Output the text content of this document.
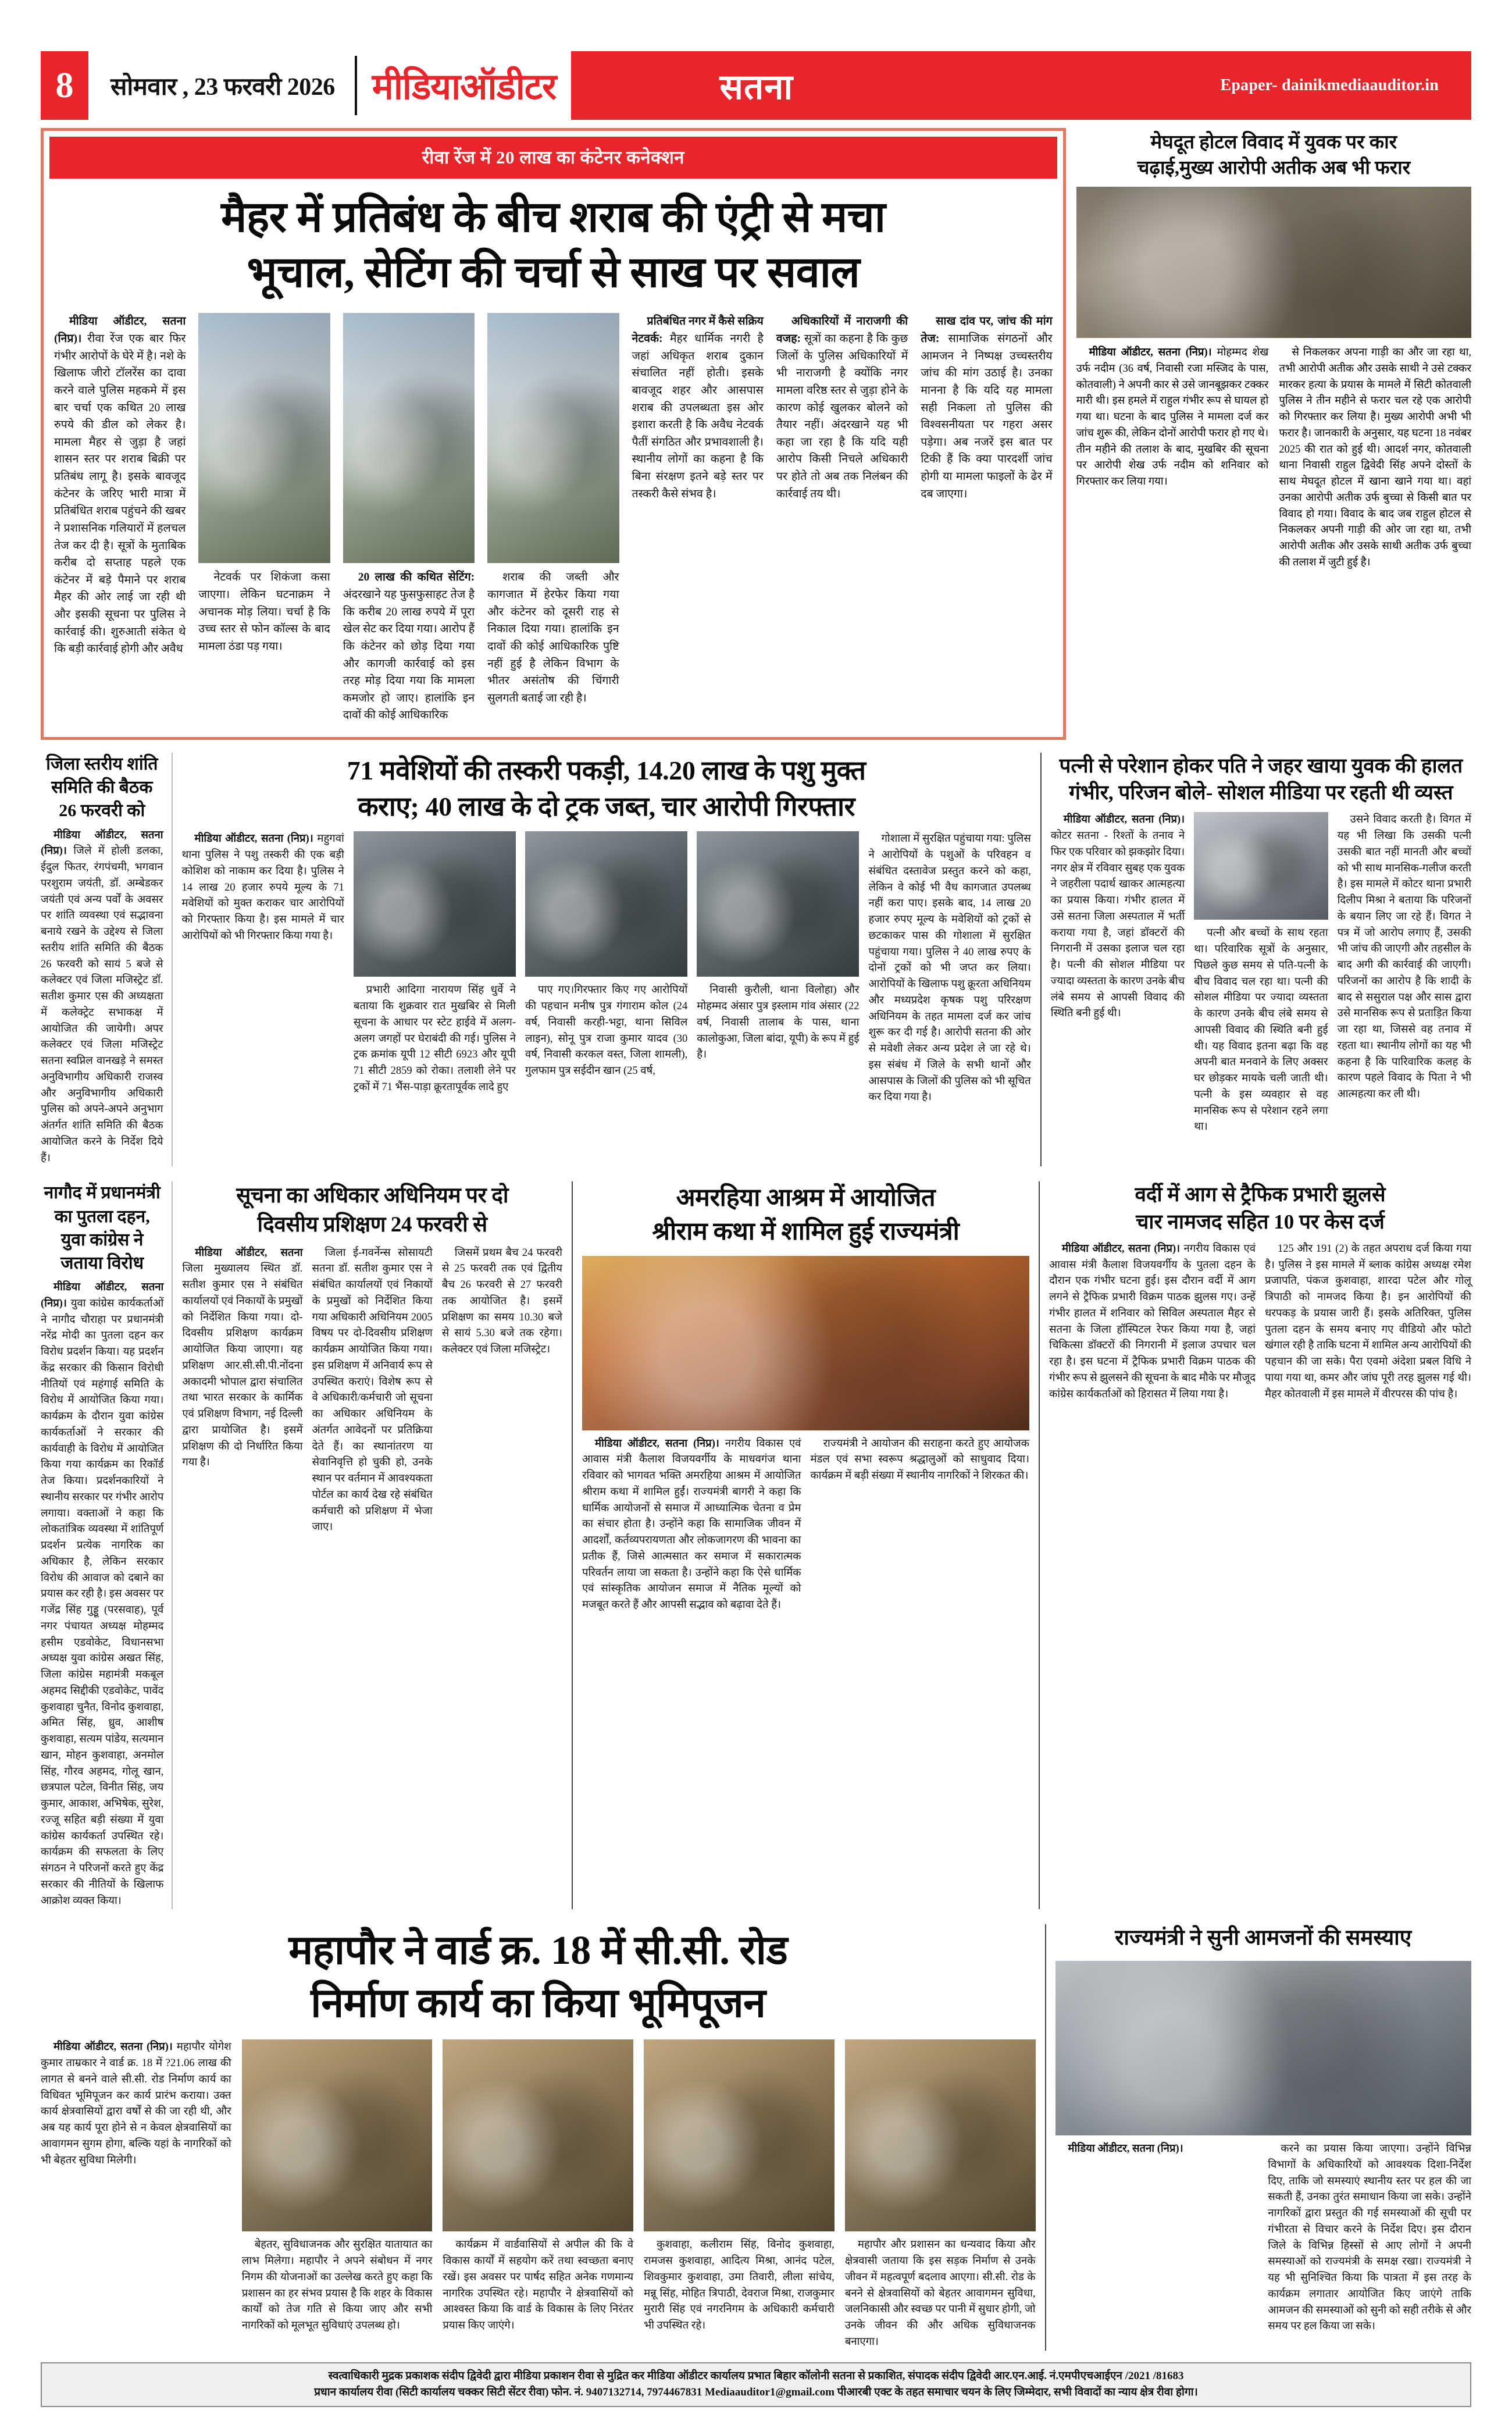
8	सोमवार , 23 फरवरी 2026	मीडियाऑडीटर	सतना	Epaper- dainikmediaauditor.in
रीवा रेंज में 20 लाख का कंटेनर कनेक्शन
मैहर में प्रतिबंध के बीच शराब की एंट्री से मचा
भूचाल, सेटिंग की चर्चा से साख पर सवाल

मीडिया ऑडीटर, सतना (निप्र)। रीवा रेंज एक बार फिर गंभीर आरोपों के घेरे में है। नशे के खिलाफ जीरो टॉलरेंस का दावा करने वाले पुलिस महकमे में इस बार चर्चा एक कथित 20 लाख रुपये की डील को लेकर है। मामला मैहर से जुड़ा है जहां शासन स्तर पर शराब बिक्री पर प्रतिबंध लागू है। इसके बावजूद कंटेनर के जरिए भारी मात्रा में प्रतिबंधित शराब पहुंचने की खबर ने प्रशासनिक गलियारों में हलचल तेज कर दी है। सूत्रों के मुताबिक करीब दो सप्ताह पहले एक कंटेनर में बड़े पैमाने पर शराब मैहर की ओर लाई जा रही थी और इसकी सूचना पर पुलिस ने कार्रवाई की। शुरुआती संकेत थे कि बड़ी कार्रवाई होगी और अवैध

नेटवर्क पर शिकंजा कसा जाएगा। लेकिन घटनाक्रम ने अचानक मोड़ लिया। चर्चा है कि उच्च स्तर से फोन कॉल्स के बाद मामला ठंडा पड़ गया।

20 लाख की कथित सेटिंग: अंदरखाने यह फुसफुसाहट तेज है कि करीब 20 लाख रुपये में पूरा खेल सेट कर दिया गया। आरोप हैं कि कंटेनर को छोड़ दिया गया और कागजी कार्रवाई को इस तरह मोड़ दिया गया कि मामला कमजोर हो जाए। हालांकि इन दावों की कोई आधिकारिक

शराब की जब्ती और कागजात में हेरफेर किया गया और कंटेनर को दूसरी राह से निकाल दिया गया। हालांकि इन दावों की कोई आधिकारिक पुष्टि नहीं हुई है लेकिन विभाग के भीतर असंतोष की चिंगारी सुलगती बताई जा रही है।

प्रतिबंधित नगर में कैसे सक्रिय नेटवर्क: मैहर धार्मिक नगरी है जहां अधिकृत शराब दुकान संचालित नहीं होती। इसके बावजूद शहर और आसपास शराब की उपलब्धता इस ओर इशारा करती है कि अवैध नेटवर्क पैतीं संगठित और प्रभावशाली है। स्थानीय लोगों का कहना है कि बिना संरक्षण इतने बड़े स्तर पर तस्करी कैसे संभव है।

अधिकारियों में नाराजगी की वजह: सूत्रों का कहना है कि कुछ जिलों के पुलिस अधिकारियों में भी नाराजगी है क्योंकि नगर मामला वरिष्ठ स्तर से जुड़ा होने के कारण कोई खुलकर बोलने को तैयार नहीं। अंदरखाने यह भी कहा जा रहा है कि यदि यही आरोप किसी निचले अधिकारी पर होते तो अब तक निलंबन की कार्रवाई तय थी।

साख दांव पर, जांच की मांग तेज: सामाजिक संगठनों और आमजन ने निष्पक्ष उच्चस्तरीय जांच की मांग उठाई है। उनका मानना है कि यदि यह मामला सही निकला तो पुलिस की विश्वसनीयता पर गहरा असर पड़ेगा। अब नजरें इस बात पर टिकी हैं कि क्या पारदर्शी जांच होगी या मामला फाइलों के ढेर में दब जाएगा।

मेघदूत होटल विवाद में युवक पर कार
चढ़ाई,मुख्य आरोपी अतीक अब भी फरार

मीडिया ऑडीटर, सतना (निप्र)। मोहम्मद शेख उर्फ नदीम (36 वर्ष, निवासी रजा मस्जिद के पास, कोतवाली) ने अपनी कार से उसे जानबूझकर टक्कर मारी थी। इस हमले में राहुल गंभीर रूप से घायल हो गया था। घटना के बाद पुलिस ने मामला दर्ज कर जांच शुरू की, लेकिन दोनों आरोपी फरार हो गए थे। तीन महीने की तलाश के बाद, मुखबिर की सूचना पर आरोपी शेख उर्फ नदीम को शनिवार को गिरफ्तार कर लिया गया।

से निकलकर अपना गाड़ी का और जा रहा था, तभी आरोपी अतीक और उसके साथी ने उसे टक्कर मारकर हत्या के प्रयास के मामले में सिटी कोतवाली पुलिस ने तीन महीने से फरार चल रहे एक आरोपी को गिरफ्तार कर लिया है। मुख्य आरोपी अभी भी फरार है। जानकारी के अनुसार, यह घटना 18 नवंबर 2025 की रात को हुई थी। आदर्श नगर, कोतवाली थाना निवासी राहुल द्विवेदी सिंह अपने दोस्तों के साथ मेघदूत होटल में खाना खाने गया था। वहां उनका आरोपी अतीक उर्फ बुच्चा से किसी बात पर विवाद हो गया। विवाद के बाद जब राहुल होटल से निकलकर अपनी गाड़ी की ओर जा रहा था, तभी आरोपी अतीक और उसके साथी अतीक उर्फ बुच्चा की तलाश में जुटी हुई है।

जिला स्तरीय शांति समिति की बैठक 26 फरवरी को

मीडिया ऑडीटर, सतना (निप्र)। जिले में होली डलका, ईदुल फितर, रंगपंचमी, भगवान परशुराम जयंती, डॉ. अम्बेडकर जयंती एवं अन्य पर्वों के अवसर पर शांति व्यवस्था एवं सद्भावना बनाये रखने के उद्देश्य से जिला स्तरीय शांति समिति की बैठक 26 फरवरी को सायं 5 बजे से कलेक्टर एवं जिला मजिस्ट्रेट डॉ. सतीश कुमार एस की अध्यक्षता में कलेक्ट्रेट सभाकक्ष में आयोजित की जायेगी। अपर कलेक्टर एवं जिला मजिस्ट्रेट सतना स्वप्निल वानखड़े ने समस्त अनुविभागीय अधिकारी राजस्व और अनुविभागीय अधिकारी पुलिस को अपने-अपने अनुभाग अंतर्गत शांति समिति की बैठक आयोजित करने के निर्देश दिये हैं।

71 मवेशियों की तस्करी पकड़ी, 14.20 लाख के पशु मुक्त
कराए; 40 लाख के दो ट्रक जब्त, चार आरोपी गिरफ्तार

मीडिया ऑडीटर, सतना (निप्र)। महुगवां थाना पुलिस ने पशु तस्करी की एक बड़ी कोशिश को नाकाम कर दिया है। पुलिस ने 14 लाख 20 हजार रुपये मूल्य के 71 मवेशियों को मुक्त कराकर चार आरोपियों को गिरफ्तार किया है। इस मामले में चार आरोपियों को भी गिरफ्तार किया गया है।

प्रभारी आदिगा नारायण सिंह धुर्वे ने बताया कि शुक्रवार रात मुखबिर से मिली सूचना के आधार पर स्टेट हाईवे में अलग-अलग जगहों पर घेराबंदी की गई। पुलिस ने ट्रक क्रमांक यूपी 12 सीटी 6923 और यूपी 71 सीटी 2859 को रोका। तलाशी लेने पर ट्रकों में 71 भैंस-पाड़ा क्रूरतापूर्वक लादे हुए

पाए गए।गिरफ्तार किए गए आरोपियों की पहचान मनीष पुत्र गंगाराम कोल (24 वर्ष, निवासी करही-भट्टा, थाना सिविल लाइन), सोनू पुत्र राजा कुमार यादव (30 वर्ष, निवासी करकल वस्त, जिला शामली), गुलफाम पुत्र सईदीन खान (25 वर्ष,

निवासी कुरौली, थाना विलोहा) और मोहम्मद अंसार पुत्र इस्लाम गांव अंसार (22 वर्ष, निवासी तालाब के पास, थाना कालोकुआ, जिला बांदा, यूपी) के रूप में हुई है।

गोशाला में सुरक्षित पहुंचाया गया: पुलिस ने आरोपियों के पशुओं के परिवहन व संबंधित दस्तावेज प्रस्तुत करने को कहा, लेकिन वे कोई भी वैध कागजात उपलब्ध नहीं करा पाए। इसके बाद, 14 लाख 20 हजार रुपए मूल्य के मवेशियों को ट्रकों से छटकाकर पास की गोशाला में सुरक्षित पहुंचाया गया। पुलिस ने 40 लाख रुपए के दोनों ट्रकों को भी जप्त कर लिया। आरोपियों के खिलाफ पशु क्रूरता अधिनियम और मध्यप्रदेश कृषक पशु परिरक्षण अधिनियम के तहत मामला दर्ज कर जांच शुरू कर दी गई है। आरोपी सतना की ओर से मवेशी लेकर अन्य प्रदेश ले जा रहे थे। इस संबंध में जिले के सभी थानों और आसपास के जिलों की पुलिस को भी सूचित कर दिया गया है।

पत्नी से परेशान होकर पति ने जहर खाया युवक की हालत
गंभीर, परिजन बोले- सोशल मीडिया पर रहती थी व्यस्त

मीडिया ऑडीटर, सतना (निप्र)। कोटर सतना - रिश्तों के तनाव ने फिर एक परिवार को झकझोर दिया। नगर क्षेत्र में रविवार सुबह एक युवक ने जहरीला पदार्थ खाकर आत्महत्या का प्रयास किया। गंभीर हालत में उसे सतना जिला अस्पताल में भर्ती कराया गया है, जहां डॉक्टरों की निगरानी में उसका इलाज चल रहा है। पत्नी की सोशल मीडिया पर ज्यादा व्यस्तता के कारण उनके बीच लंबे समय से आपसी विवाद की स्थिति बनी हुई थी।

पत्नी और बच्चों के साथ रहता था। परिवारिक सूत्रों के अनुसार, पिछले कुछ समय से पति-पत्नी के बीच विवाद चल रहा था। पत्नी की सोशल मीडिया पर ज्यादा व्यस्तता के कारण उनके बीच लंबे समय से आपसी विवाद की स्थिति बनी हुई थी। यह विवाद इतना बढ़ा कि वह अपनी बात मनवाने के लिए अक्सर घर छोड़कर मायके चली जाती थी। पत्नी के इस व्यवहार से वह मानसिक रूप से परेशान रहने लगा था।

उसने विवाद करती है। विगत में यह भी लिखा कि उसकी पत्नी उसकी बात नहीं मानती और बच्चों को भी साथ मानसिक-गलीज करती है। इस मामले में कोटर थाना प्रभारी दिलीप मिश्रा ने बताया कि परिजनों के बयान लिए जा रहे हैं। विगत ने पत्र में जो आरोप लगाए हैं, उसकी भी जांच की जाएगी और तहसील के बाद अगी की कार्रवाई की जाएगी। परिजनों का आरोप है कि शादी के बाद से ससुराल पक्ष और सास द्वारा उसे मानसिक रूप से प्रताड़ित किया जा रहा था, जिससे वह तनाव में रहता था। स्थानीय लोगों का यह भी कहना है कि पारिवारिक कलह के कारण पहले विवाद के पिता ने भी आत्महत्या कर ली थी।

नागौद में प्रधानमंत्री का पुतला दहन, युवा कांग्रेस ने जताया विरोध

मीडिया ऑडीटर, सतना (निप्र)। युवा कांग्रेस कार्यकर्ताओं ने नागौद चौराहा पर प्रधानमंत्री नरेंद्र मोदी का पुतला दहन कर विरोध प्रदर्शन किया। यह प्रदर्शन केंद्र सरकार की किसान विरोधी नीतियों एवं महंगाई समिति के विरोध में आयोजित किया गया। कार्यक्रम के दौरान युवा कांग्रेस कार्यकर्ताओं ने सरकार की कार्यवाही के विरोध में आयोजित किया गया कार्यक्रम का रिकॉर्ड तेज किया। प्रदर्शनकारियों ने स्थानीय सरकार पर गंभीर आरोप लगाया। वक्ताओं ने कहा कि लोकतांत्रिक व्यवस्था में शांतिपूर्ण प्रदर्शन प्रत्येक नागरिक का अधिकार है, लेकिन सरकार विरोध की आवाज को दबाने का प्रयास कर रही है। इस अवसर पर गजेंद्र सिंह गुड्डू (परसवाह), पूर्व नगर पंचायत अध्यक्ष मोहम्मद हसीम एडवोकेट, विधानसभा अध्यक्ष युवा कांग्रेस अखत सिंह, जिला कांग्रेस महामंत्री मकबूल अहमद सिद्दीकी एडवोकेट, पावेंद कुशवाहा चुनैत, विनोद कुशवाहा, अमित सिंह, ध्रुव, आशीष कुशवाहा, सत्यम पांडेय, सत्यमान खान, मोहन कुशवाहा, अनमोल सिंह, गौरव अहमद, गोलू खान, छत्रपाल पटेल, विनीत सिंह, जय कुमार, आकाश, अभिषेक, सुरेश, रज्जू सहित बड़ी संख्या में युवा कांग्रेस कार्यकर्ता उपस्थित रहे। कार्यक्रम की सफलता के लिए संगठन ने परिजनों करते हुए केंद्र सरकार की नीतियों के खिलाफ आक्रोश व्यक्त किया।

सूचना का अधिकार अधिनियम पर दो
दिवसीय प्रशिक्षण 24 फरवरी से

मीडिया ऑडीटर, सतना जिला मुख्यालय स्थित डॉ. सतीश कुमार एस ने संबंधित कार्यालयों एवं निकायों के प्रमुखों को निर्देशित किया गया। दो-दिवसीय प्रशिक्षण कार्यक्रम आयोजित किया जाएगा। यह प्रशिक्षण आर.सी.सी.पी.नोंदना अकादमी भोपाल द्वारा संचालित तथा भारत सरकार के कार्मिक एवं प्रशिक्षण विभाग, नई दिल्ली द्वारा प्रायोजित है। इसमें प्रशिक्षण की दो निर्धारित किया गया है।

जिला ई-गवर्नेन्स सोसायटी सतना डॉ. सतीश कुमार एस ने संबंधित कार्यालयों एवं निकायों के प्रमुखों को निर्देशित किया गया अधिकारी अधिनियम 2005 विषय पर दो-दिवसीय प्रशिक्षण कार्यक्रम आयोजित किया गया। इस प्रशिक्षण में अनिवार्य रूप से उपस्थित कराएं। विशेष रूप से वे अधिकारी/कर्मचारी जो सूचना का अधिकार अधिनियम के अंतर्गत आवेदनों पर प्रतिक्रिया देते हैं। का स्थानांतरण या सेवानिवृत्ति हो चुकी हो, उनके स्थान पर वर्तमान में आवश्यकता पोर्टल का कार्य देख रहे संबंधित कर्मचारी को प्रशिक्षण में भेजा जाए।

जिसमें प्रथम बैच 24 फरवरी से 25 फरवरी तक एवं द्वितीय बैच 26 फरवरी से 27 फरवरी तक आयोजित है। इसमें प्रशिक्षण का समय 10.30 बजे से सायं 5.30 बजे तक रहेगा। कलेक्टर एवं जिला मजिस्ट्रेट।

अमरहिया आश्रम में आयोजित
श्रीराम कथा में शामिल हुई राज्यमंत्री

मीडिया ऑडीटर, सतना (निप्र)। नगरीय विकास एवं आवास मंत्री कैलाश विजयवर्गीय के माधवगंज थाना रविवार को भागवत भक्ति अमरहिया आश्रम में आयोजित श्रीराम कथा में शामिल हुईं। राज्यमंत्री बागरी ने कहा कि धार्मिक आयोजनों से समाज में आध्यात्मिक चेतना व प्रेम का संचार होता है। उन्होंने कहा कि सामाजिक जीवन में आदर्शों, कर्तव्यपरायणता और लोकजागरण की भावना का प्रतीक हैं, जिसे आत्मसात कर समाज में सकारात्मक परिवर्तन लाया जा सकता है। उन्होंने कहा कि ऐसे धार्मिक एवं सांस्कृतिक आयोजन समाज में नैतिक मूल्यों को मजबूत करते हैं और आपसी सद्भाव को बढ़ावा देते हैं।

राज्यमंत्री ने आयोजन की सराहना करते हुए आयोजक मंडल एवं सभा स्वरूप श्रद्धालुओं को साधुवाद दिया। कार्यक्रम में बड़ी संख्या में स्थानीय नागरिकों ने शिरकत की।

वर्दी में आग से ट्रैफिक प्रभारी झुलसे
चार नामजद सहित 10 पर केस दर्ज

मीडिया ऑडीटर, सतना (निप्र)। नगरीय विकास एवं आवास मंत्री कैलाश विजयवर्गीय के पुतला दहन के दौरान एक गंभीर घटना हुई। इस दौरान वर्दी में आग लगने से ट्रैफिक प्रभारी विक्रम पाठक झुलस गए। उन्हें गंभीर हालत में शनिवार को सिविल अस्पताल मैहर से सतना के जिला हॉस्पिटल रेफर किया गया है, जहां चिकित्सा डॉक्टरों की निगरानी में इलाज उपचार चल रहा है। इस घटना में ट्रैफिक प्रभारी विक्रम पाठक की गंभीर रूप से झुलसने की सूचना के बाद मौके पर मौजूद कांग्रेस कार्यकर्ताओं को हिरासत में लिया गया है।

125 और 191 (2) के तहत अपराध दर्ज किया गया है। पुलिस ने इस मामले में ब्लाक कांग्रेस अध्यक्ष रमेश प्रजापति, पंकज कुशवाहा, शारदा पटेल और गोलू त्रिपाठी को नामजद किया है। इन आरोपियों की धरपकड़ के प्रयास जारी हैं। इसके अतिरिक्त, पुलिस पुतला दहन के समय बनाए गए वीडियो और फोटो खंगाल रही है ताकि घटना में शामिल अन्य आरोपियों की पहचान की जा सके। पैरा एवमो अंदेशा प्रबल विधि ने पाया गया था, कमर और जांघ पूरी तरह झुलस गई थी। मैहर कोतवाली में इस मामले में वीरपरस की पांच है।

महापौर ने वार्ड क्र. 18 में सी.सी. रोड
निर्माण कार्य का किया भूमिपूजन

मीडिया ऑडीटर, सतना (निप्र)। महापौर योगेश कुमार ताम्रकार ने वार्ड क्र. 18 में ?21.06 लाख की लागत से बनने वाले सी.सी. रोड निर्माण कार्य का विधिवत भूमिपूजन कर कार्य प्रारंभ कराया। उक्त कार्य क्षेत्रवासियों द्वारा वर्षों से की जा रही थी, और अब यह कार्य पूरा होने से न केवल क्षेत्रवासियों का आवागमन सुगम होगा, बल्कि यहां के नागरिकों को भी बेहतर सुविधा मिलेगी।

बेहतर, सुविधाजनक और सुरक्षित यातायात का लाभ मिलेगा। महापौर ने अपने संबोधन में नगर निगम की योजनाओं का उल्लेख करते हुए कहा कि प्रशासन का हर संभव प्रयास है कि शहर के विकास कार्यों को तेज गति से किया जाए और सभी नागरिकों को मूलभूत सुविधाएं उपलब्ध हो।

कार्यक्रम में वार्डवासियों से अपील की कि वे विकास कार्यों में सहयोग करें तथा स्वच्छता बनाए रखें। इस अवसर पर पार्षद सहित अनेक गणमान्य नागरिक उपस्थित रहे। महापौर ने क्षेत्रवासियों को आश्वस्त किया कि वार्ड के विकास के लिए निरंतर प्रयास किए जाएंगे।

कुशवाहा, कलीराम सिंह, विनोद कुशवाहा, रामजस कुशवाहा, आदित्य मिश्रा, आनंद पटेल, शिवकुमार कुशवाहा, उमा तिवारी, लीला सांचेय, मन्नू सिंह, मोहित त्रिपाठी, देवराज मिश्रा, राजकुमार मुरारी सिंह एवं नगरनिगम के अधिकारी कर्मचारी भी उपस्थित रहे।

महापौर और प्रशासन का धन्यवाद किया और क्षेत्रवासी जताया कि इस सड़क निर्माण से उनके जीवन में महत्वपूर्ण बदलाव आएगा। सी.सी. रोड के बनने से क्षेत्रवासियों को बेहतर आवागमन सुविधा, जलनिकासी और स्वच्छ पर पानी में सुधार होगी, जो उनके जीवन की और अधिक सुविधाजनक बनाएगा।

राज्यमंत्री ने सुनी आमजनों की समस्याए

मीडिया ऑडीटर, सतना (निप्र)।	करने का प्रयास किया जाएगा। उन्होंने विभिन्न विभागों के अधिकारियों को आवश्यक दिशा-निर्देश दिए, ताकि जो समस्याएं स्थानीय स्तर पर हल की जा सकती हैं, उनका तुरंत समाधान किया जा सके। उन्होंने नागरिकों द्वारा प्रस्तुत की गई समस्याओं की सूची पर गंभीरता से विचार करने के निर्देश दिए। इस दौरान जिले के विभिन्न हिस्सों से आए लोगों ने अपनी समस्याओं को राज्यमंत्री के समक्ष रखा। राज्यमंत्री ने यह भी सुनिश्चित किया कि पात्रता में इस तरह के कार्यक्रम लगातार आयोजित किए जाएंगे ताकि आमजन की समस्याओं को सुनी को सही तरीके से और समय पर हल किया जा सके।

स्वत्वाधिकारी मुद्रक प्रकाशक संदीप द्विवेदी द्वारा मीडिया प्रकाशन रीवा से मुद्रित कर मीडिया ऑडीटर कार्यालय प्रभात बिहार कॉलोनी सतना से प्रकाशित, संपादक संदीप द्विवेदी आर.एन.आई. नं.एमपीएचआईएन /2021 /81683
प्रधान कार्यालय रीवा (सिटी कार्यालय चक्कर सिटी सेंटर रीवा) फोन. नं. 9407132714, 7974467831 Mediaauditor1@gmail.com पीआरबी एक्ट के तहत समाचार चयन के लिए जिम्मेदार, सभी विवादों का न्याय क्षेत्र रीवा होगा।
